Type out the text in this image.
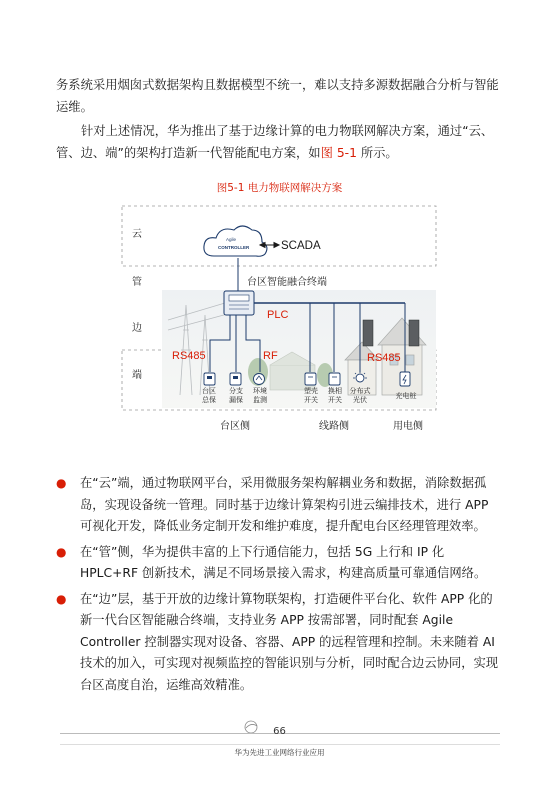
务系统采用烟囱式数据架构且数据模型不统一，难以支持多源数据融合分析与智能运维。

针对上述情况，华为推出了基于边缘计算的电力物联网解决方案，通过“云、管、边、端”的架构打造新一代智能配电方案，如图 5-1 所示。

图5-1 电力物联网解决方案

云
管
边
端
Agile
CONTROLLER	SCADA
台区智能融合终端
PLC
RS485	RF	RS485
台区
总保
分支
漏保
环境
监测
塑壳
开关
换相
开关
分布式
光伏
充电桩
台区侧	线路侧	用电侧
● 在“云”端，通过物联网平台，采用微服务架构解耦业务和数据，消除数据孤岛，实现设备统一管理。同时基于边缘计算架构引进云编排技术，进行 APP 可视化开发，降低业务定制开发和维护难度，提升配电台区经理管理效率。
● 在“管”侧，华为提供丰富的上下行通信能力，包括 5G 上行和 IP 化 HPLC+RF 创新技术，满足不同场景接入需求，构建高质量可靠通信网络。
● 在“边”层，基于开放的边缘计算物联架构，打造硬件平台化、软件 APP 化的新一代台区智能融合终端，支持业务 APP 按需部署，同时配套 Agile Controller 控制器实现对设备、容器、APP 的远程管理和控制。未来随着 AI 技术的加入，可实现对视频监控的智能识别与分析，同时配合边云协同，实现台区高度自治，运维高效精准。
66
华为先进工业网络行业应用
